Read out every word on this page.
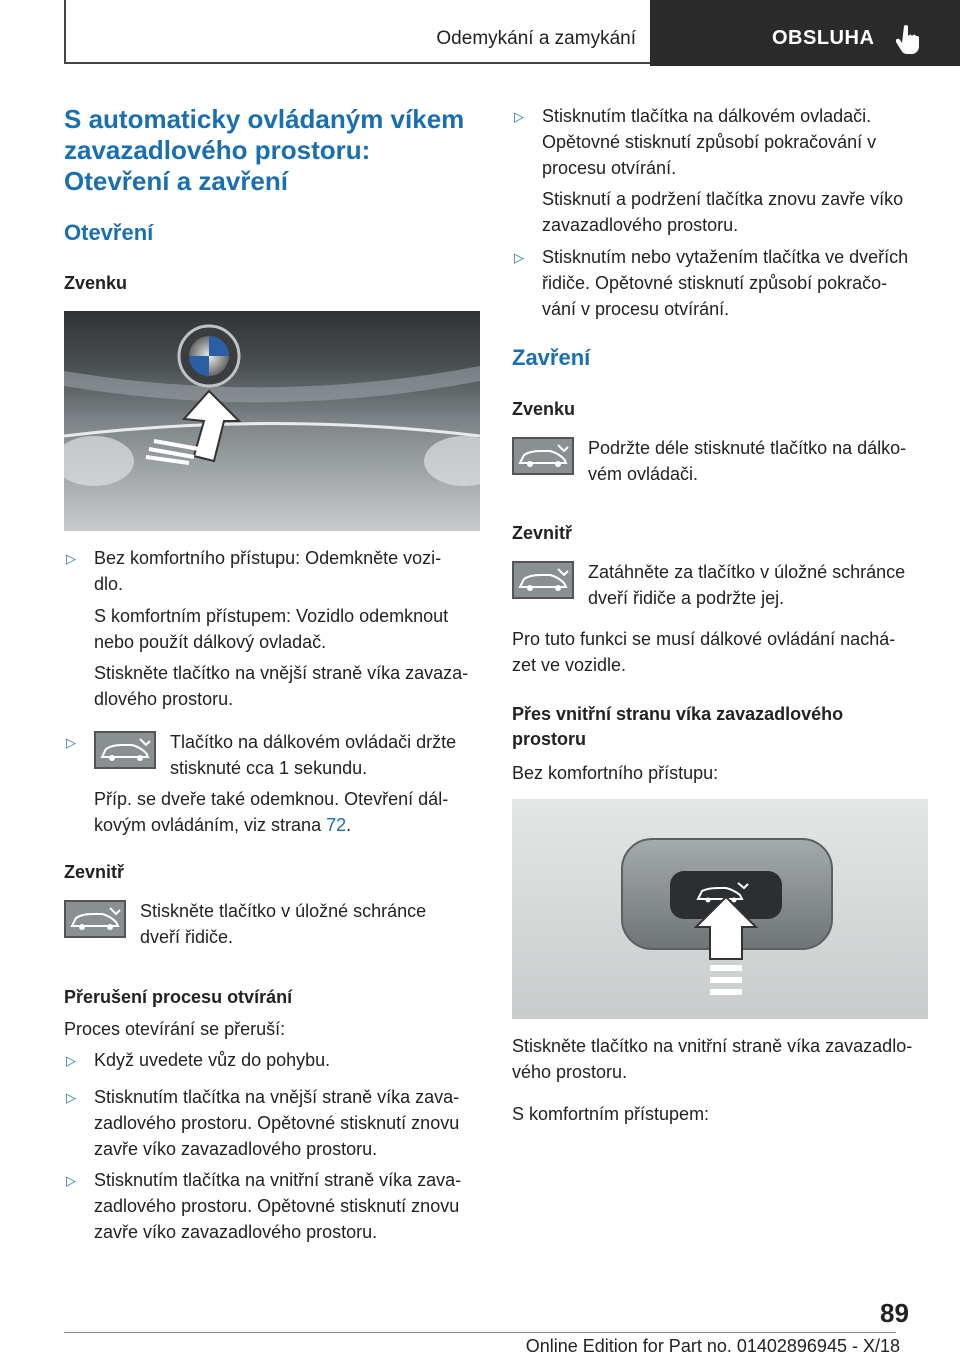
Odemykání a zamykání	OBSLUHA
S automaticky ovládaným víkem
zavazadlového prostoru:
Otevření a zavření
Otevření
Zvenku
▷ Bez komfortního přístupu: Odemkněte vozi-
dlo.
S komfortním přístupem: Vozidlo odemknout
nebo použít dálkový ovladač.
Stiskněte tlačítko na vnější straně víka zavaza-
dlového prostoru.
▷	Tlačítko na dálkovém ovládači držte
stisknuté cca 1 sekundu.
Příp. se dveře také odemknou. Otevření dál-
kovým ovládáním, viz strana 72.
Zevnitř
Stiskněte tlačítko v úložné schránce
dveří řidiče.
Přerušení procesu otvírání
Proces otevírání se přeruší:
▷ Když uvedete vůz do pohybu.
▷ Stisknutím tlačítka na vnější straně víka zava-
zadlového prostoru. Opětovné stisknutí znovu
zavře víko zavazadlového prostoru.
▷ Stisknutím tlačítka na vnitřní straně víka zava-
zadlového prostoru. Opětovné stisknutí znovu
zavře víko zavazadlového prostoru.
▷ Stisknutím tlačítka na dálkovém ovladači.
Opětovné stisknutí způsobí pokračování v
procesu otvírání.
Stisknutí a podržení tlačítka znovu zavře víko
zavazadlového prostoru.
▷ Stisknutím nebo vytažením tlačítka ve dveřích
řidiče. Opětovné stisknutí způsobí pokračo-
vání v procesu otvírání.
Zavření
Zvenku
Podržte déle stisknuté tlačítko na dálko-
vém ovládači.
Zevnitř
Zatáhněte za tlačítko v úložné schránce
dveří řidiče a podržte jej.
Pro tuto funkci se musí dálkové ovládání nachá-
zet ve vozidle.
Přes vnitřní stranu víka zavazadlového
prostoru
Bez komfortního přístupu:
Stiskněte tlačítko na vnitřní straně víka zavazadlo-
vého prostoru.
S komfortním přístupem:
89
Online Edition for Part no. 01402896945 - X/18
